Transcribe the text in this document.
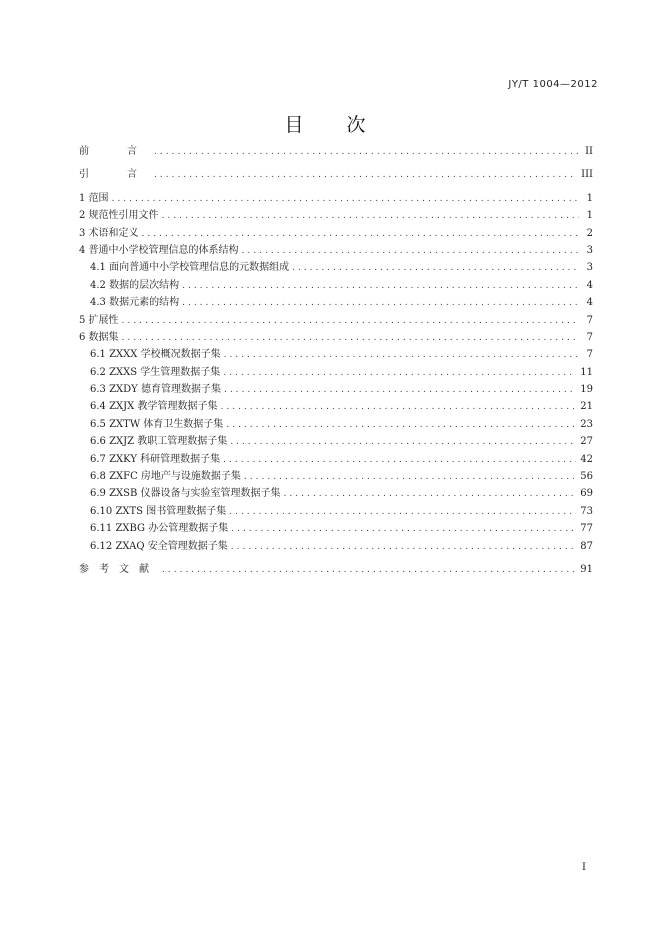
JY/T 1004—2012
目　次
前　言 .....	II
引　言 .....	III
1 范围 .....	1
2 规范性引用文件 .....	1
3 术语和定义 .....	2
4 普通中小学校管理信息的体系结构 .....	3
4.1 面向普通中小学校管理信息的元数据组成 .....	3
4.2 数据的层次结构 .....	4
4.3 数据元素的结构 .....	4
5 扩展性 .....	7
6 数据集 .....	7
6.1 ZXXX 学校概况数据子集 .....	7
6.2 ZXXS 学生管理数据子集 .....	11
6.3 ZXDY 德育管理数据子集 .....	19
6.4 ZXJX 教学管理数据子集 .....	21
6.5 ZXTW 体育卫生数据子集 .....	23
6.6 ZXJZ 教职工管理数据子集 .....	27
6.7 ZXKY 科研管理数据子集 .....	42
6.8 ZXFC 房地产与设施数据子集 .....	56
6.9 ZXSB 仪器设备与实验室管理数据子集 .....	69
6.10 ZXTS 图书管理数据子集 .....	73
6.11 ZXBG 办公管理数据子集 .....	77
6.12 ZXAQ 安全管理数据子集 .....	87
参考文献 .....	91
I
